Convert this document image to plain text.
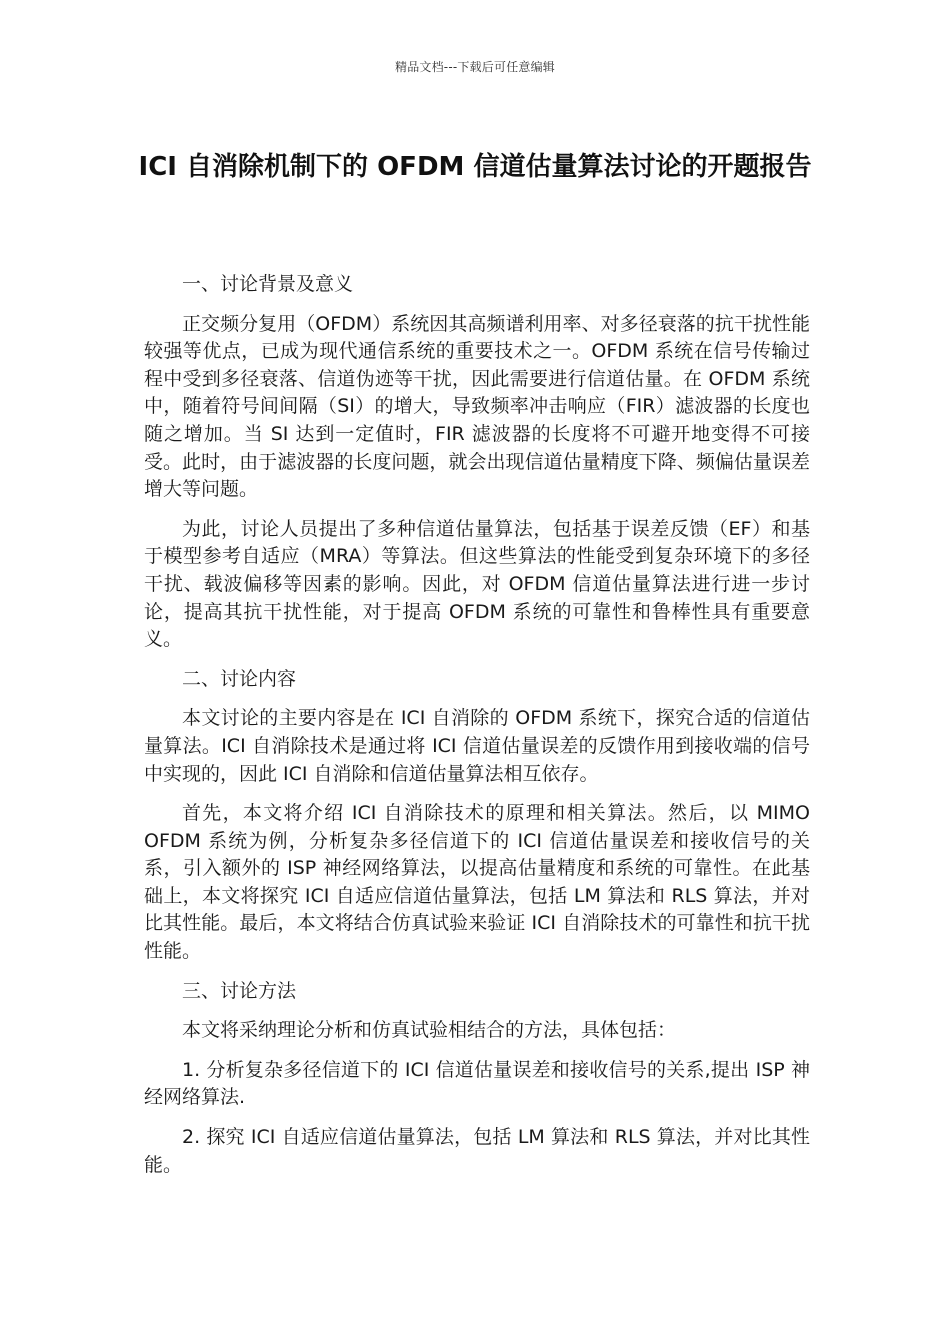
精品文档---下载后可任意编辑
ICI 自消除机制下的 OFDM 信道估量算法讨论的开题报告

一、讨论背景及意义

正交频分复用（OFDM）系统因其高频谱利用率、对多径衰落的抗干扰性能较强等优点，已成为现代通信系统的重要技术之一。OFDM 系统在信号传输过程中受到多径衰落、信道伪迹等干扰，因此需要进行信道估量。在 OFDM 系统中，随着符号间间隔（SI）的增大，导致频率冲击响应（FIR）滤波器的长度也随之增加。当 SI 达到一定值时，FIR 滤波器的长度将不可避开地变得不可接受。此时，由于滤波器的长度问题，就会出现信道估量精度下降、频偏估量误差增大等问题。

为此，讨论人员提出了多种信道估量算法，包括基于误差反馈（EF）和基于模型参考自适应（MRA）等算法。但这些算法的性能受到复杂环境下的多径干扰、载波偏移等因素的影响。因此，对 OFDM 信道估量算法进行进一步讨论，提高其抗干扰性能，对于提高 OFDM 系统的可靠性和鲁棒性具有重要意义。

二、讨论内容

本文讨论的主要内容是在 ICI 自消除的 OFDM 系统下，探究合适的信道估量算法。ICI 自消除技术是通过将 ICI 信道估量误差的反馈作用到接收端的信号中实现的，因此 ICI 自消除和信道估量算法相互依存。

首先，本文将介绍 ICI 自消除技术的原理和相关算法。然后，以 MIMO OFDM 系统为例，分析复杂多径信道下的 ICI 信道估量误差和接收信号的关系，引入额外的 ISP 神经网络算法，以提高估量精度和系统的可靠性。在此基础上，本文将探究 ICI 自适应信道估量算法，包括 LM 算法和 RLS 算法，并对比其性能。最后，本文将结合仿真试验来验证 ICI 自消除技术的可靠性和抗干扰性能。

三、讨论方法

本文将采纳理论分析和仿真试验相结合的方法，具体包括：

1. 分析复杂多径信道下的 ICI 信道估量误差和接收信号的关系,提出 ISP 神经网络算法.

2. 探究 ICI 自适应信道估量算法，包括 LM 算法和 RLS 算法，并对比其性能。
